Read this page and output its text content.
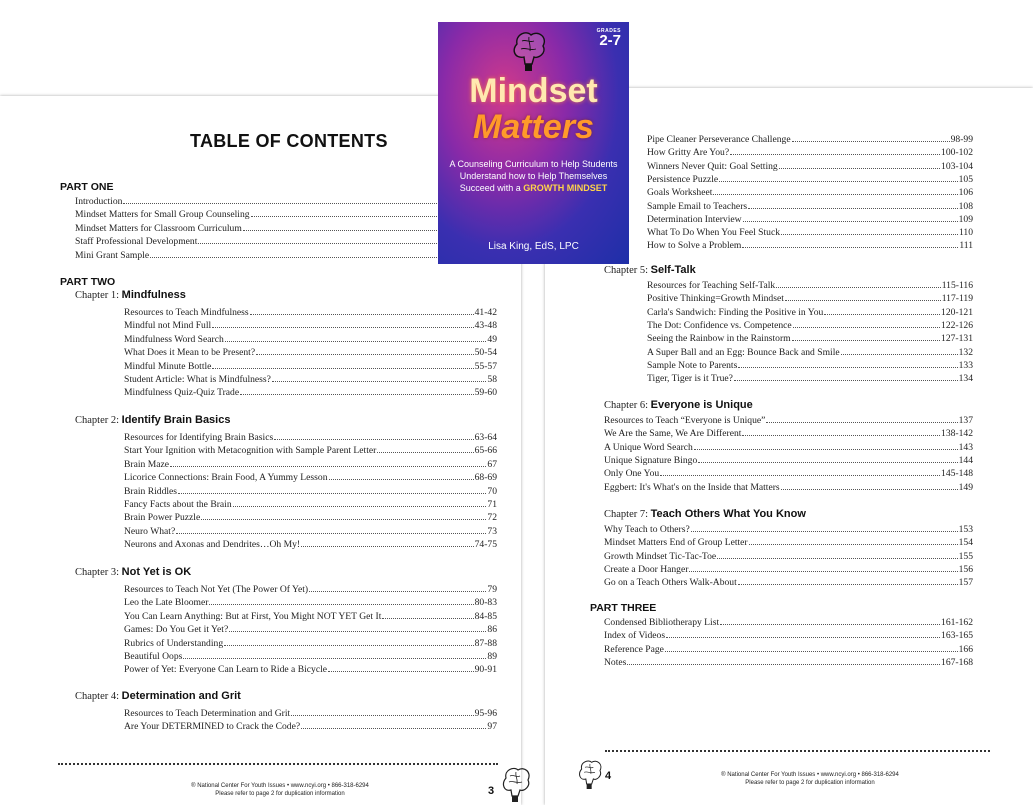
TABLE OF CONTENTS
PART ONE
Introduction
Mindset Matters for Small Group Counseling
Mindset Matters for Classroom Curriculum
Staff Professional Development
Mini Grant Sample
PART TWO
Chapter 1: Mindfulness
Resources to Teach Mindfulness	41-42
Mindful not Mind Full	43-48
Mindfulness Word Search	49
What Does it Mean to be Present?	50-54
Mindful Minute Bottle	55-57
Student Article: What is Mindfulness?	58
Mindfulness Quiz-Quiz Trade	59-60
Chapter 2: Identify Brain Basics
Resources for Identifying Brain Basics	63-64
Start Your Ignition with Metacognition with Sample Parent Letter	65-66
Brain Maze	67
Licorice Connections: Brain Food, A Yummy Lesson	68-69
Brain Riddles	70
Fancy Facts about the Brain	71
Brain Power Puzzle	72
Neuro What?	73
Neurons and Axonas and Dendrites…Oh My!	74-75
Chapter 3: Not Yet is OK
Resources to Teach Not Yet (The Power Of Yet)	79
Leo the Late Bloomer	80-83
You Can Learn Anything: But at First, You Might NOT YET Get It	84-85
Games: Do You Get it Yet?	86
Rubrics of Understanding	87-88
Beautiful Oops	89
Power of Yet: Everyone Can Learn to Ride a Bicycle	90-91
Chapter 4: Determination and Grit
Resources to Teach Determination and Grit	95-96
Are Your DETERMINED to Crack the Code?	97
® National Center For Youth Issues • www.ncyi.org • 866-318-6294
Please refer to page 2 for duplication information	3
Pipe Cleaner Perseverance Challenge	98-99
How Gritty Are You?	100-102
Winners Never Quit: Goal Setting	103-104
Persistence Puzzle	105
Goals Worksheet	106
Sample Email to Teachers	108
Determination Interview	109
What To Do When You Feel Stuck	110
How to Solve a Problem	111
Chapter 5: Self-Talk
Resources for Teaching Self-Talk	115-116
Positive Thinking=Growth Mindset	117-119
Carla's Sandwich: Finding the Positive in You	120-121
The Dot: Confidence vs. Competence	122-126
Seeing the Rainbow in the Rainstorm	127-131
A Super Ball and an Egg: Bounce Back and Smile	132
Sample Note to Parents	133
Tiger, Tiger is it True?	134
Chapter 6: Everyone is Unique
Resources to Teach “Everyone is Unique”	137
We Are the Same, We Are Different	138-142
A Unique Word Search	143
Unique Signature Bingo	144
Only One You	145-148
Eggbert: It's What's on the Inside that Matters	149
Chapter 7: Teach Others What You Know
Why Teach to Others?	153
Mindset Matters End of Group Letter	154
Growth Mindset Tic-Tac-Toe	155
Create a Door Hanger	156
Go on a Teach Others Walk-About	157
PART THREE
Condensed Bibliotherapy List	161-162
Index of Videos	163-165
Reference Page	166
Notes	167-168
4	® National Center For Youth Issues • www.ncyi.org • 866-318-6294
Please refer to page 2 for duplication information
GRADES
2-7
Mindset
Matters
A Counseling Curriculum to Help Students Understand how to Help Themselves Succeed with a GROWTH MINDSET
Lisa King, EdS, LPC
